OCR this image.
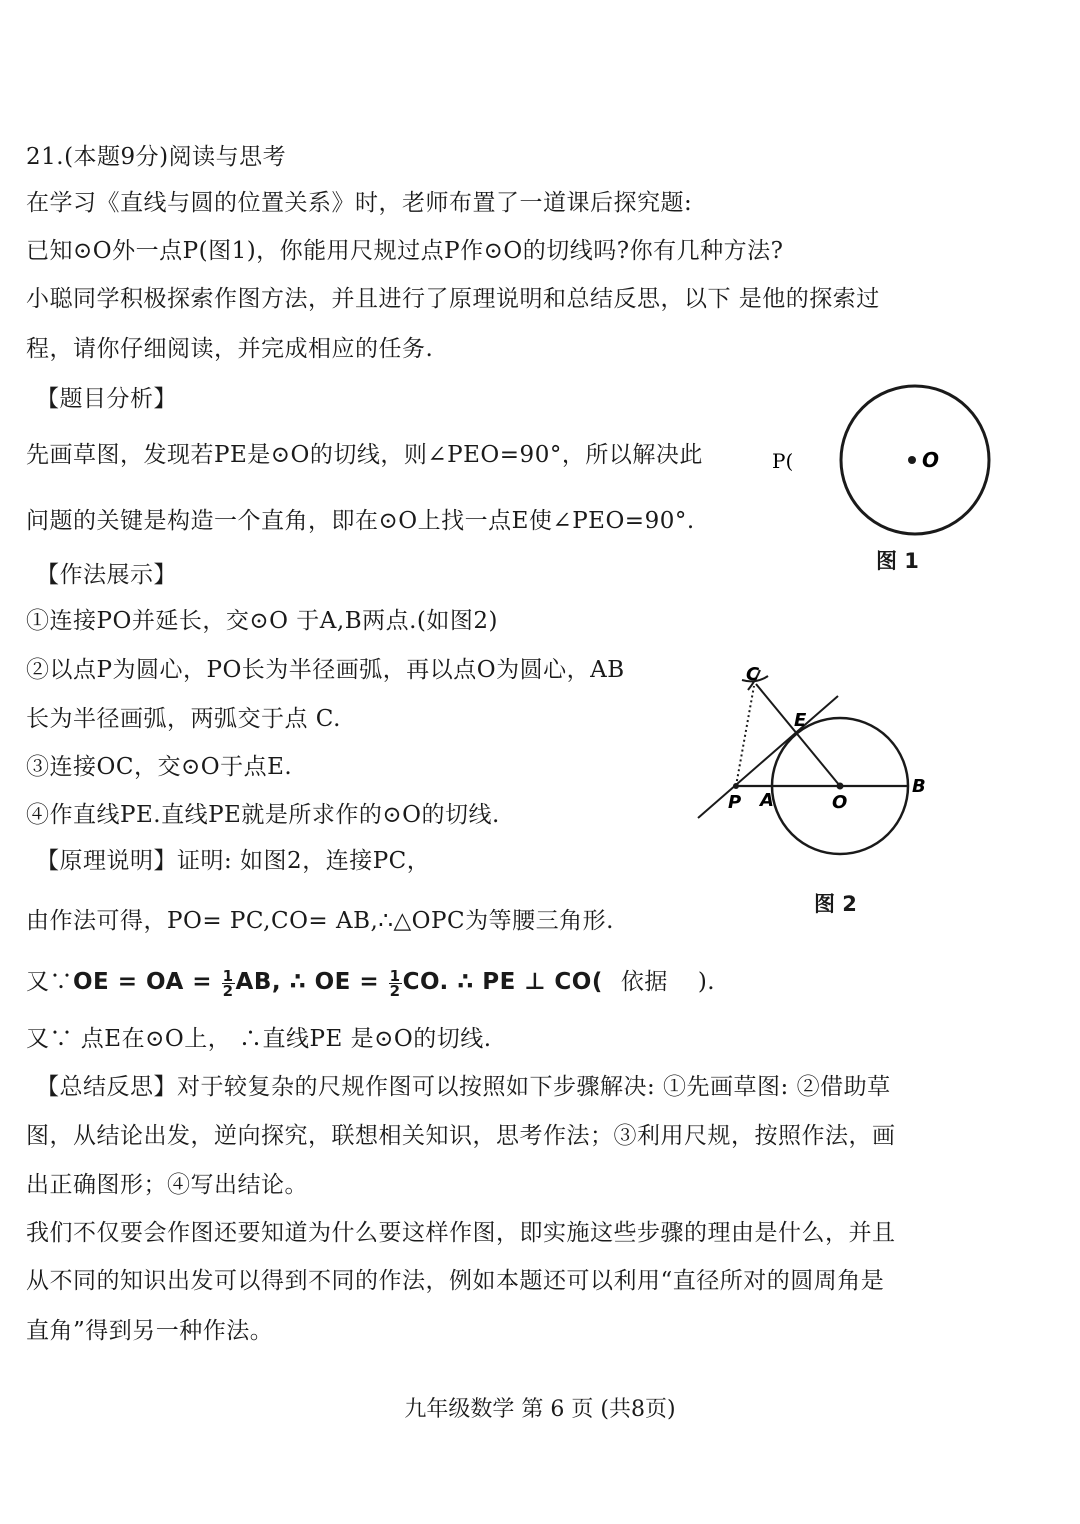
21.(本题9分)阅读与思考
在学习《直线与圆的位置关系》时，老师布置了一道课后探究题:
已知⊙O外一点P(图1)，你能用尺规过点P作⊙O的切线吗?你有几种方法?
小聪同学积极探索作图方法，并且进行了原理说明和总结反思，以下 是他的探索过
程，请你仔细阅读，并完成相应的任务.
【题目分析】
先画草图，发现若PE是⊙O的切线，则∠PEO=90°，所以解决此
问题的关键是构造一个直角，即在⊙O上找一点E使∠PEO=90°.
O
P(
图 1
【作法展示】
①连接PO并延长，交⊙O 于A,B两点.(如图2)
②以点P为圆心，PO长为半径画弧，再以点O为圆心，AB
长为半径画弧，两弧交于点 C.
③连接OC，交⊙O于点E.
④作直线PE.直线PE就是所求作的⊙O的切线.
C
E
P A	O
B
图 2
【原理说明】证明: 如图2，连接PC，
由作法可得，PO= PC,CO= AB,∴△OPC为等腰三角形.
又∵OE = OA = $\frac{1}{2}$ AB, ∴ OE = $\frac{1}{2}$ CO. ∴ PE ⊥ CO( 依据 ).
又∵ 点E在⊙O上， ∴直线PE 是⊙O的切线.
【总结反思】对于较复杂的尺规作图可以按照如下步骤解决: ①先画草图: ②借助草
图，从结论出发，逆向探究，联想相关知识，思考作法；③利用尺规，按照作法，画
出正确图形；④写出结论。
我们不仅要会作图还要知道为什么要这样作图，即实施这些步骤的理由是什么，并且
从不同的知识出发可以得到不同的作法，例如本题还可以利用“直径所对的圆周角是
直角”得到另一种作法。
九年级数学 第 6 页 (共8页)
